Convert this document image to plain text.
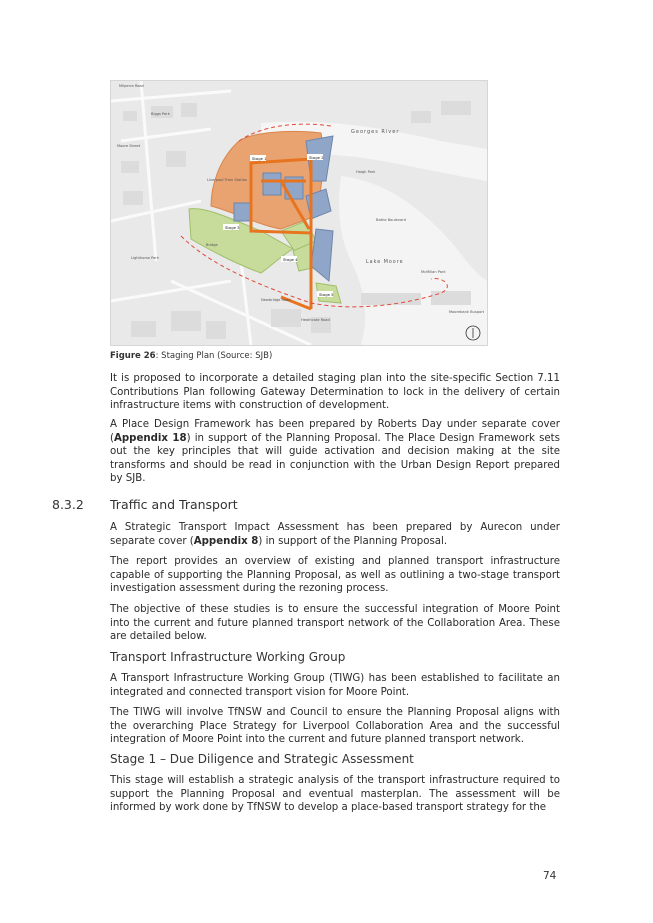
Stage 1	Stage 2
Stage 3
Stage 4
Stage 5
Milperra Road
Biggs Park
Moore Street
Georges River
Liverpool Train Station
Haigh Park
Bridge
Lighthorse Park
Lake Moore
McMillan Park
Newbridge Road
Moorebank Busport
Heathcote Road
Bathe Boulevard
Figure 26: Staging Plan (Source: SJB)
It is proposed to incorporate a detailed staging plan into the site-specific Section 7.11 Contributions Plan following Gateway Determination to lock in the delivery of certain infrastructure items with construction of development.
A Place Design Framework has been prepared by Roberts Day under separate cover (Appendix 18) in support of the Planning Proposal. The Place Design Framework sets out the key principles that will guide activation and decision making at the site transforms and should be read in conjunction with the Urban Design Report prepared by SJB.
8.3.2 Traffic and Transport
A Strategic Transport Impact Assessment has been prepared by Aurecon under separate cover (Appendix 8) in support of the Planning Proposal.
The report provides an overview of existing and planned transport infrastructure capable of supporting the Planning Proposal, as well as outlining a two-stage transport investigation assessment during the rezoning process.
The objective of these studies is to ensure the successful integration of Moore Point into the current and future planned transport network of the Collaboration Area. These are detailed below.
Transport Infrastructure Working Group
A Transport Infrastructure Working Group (TIWG) has been established to facilitate an integrated and connected transport vision for Moore Point.
The TIWG will involve TfNSW and Council to ensure the Planning Proposal aligns with the overarching Place Strategy for Liverpool Collaboration Area and the successful integration of Moore Point into the current and future planned transport network.
Stage 1 – Due Diligence and Strategic Assessment
This stage will establish a strategic analysis of the transport infrastructure required to support the Planning Proposal and eventual masterplan. The assessment will be informed by work done by TfNSW to develop a place-based transport strategy for the
74
